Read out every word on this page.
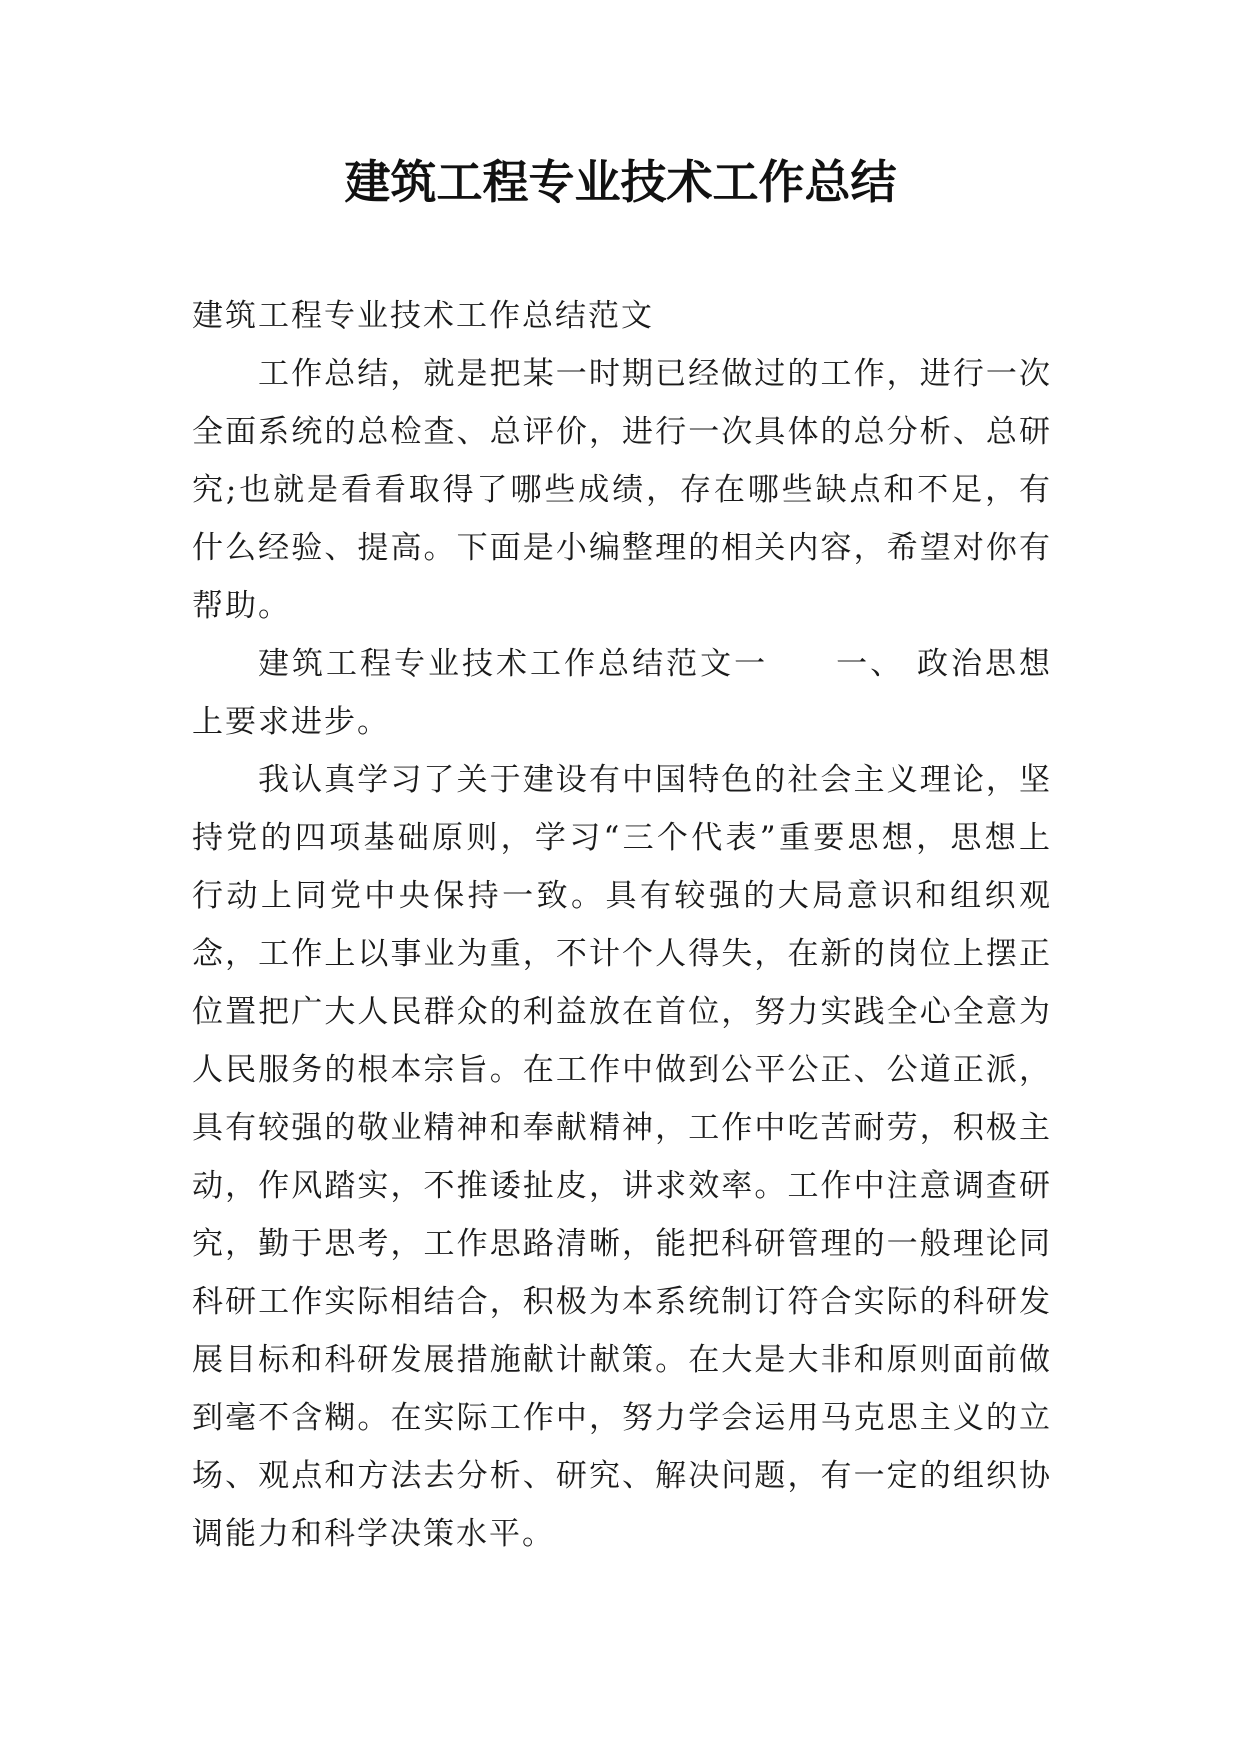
建筑工程专业技术工作总结

建筑工程专业技术工作总结范文

工作总结，就是把某一时期已经做过的工作，进行一次全面系统的总检查、总评价，进行一次具体的总分析、总研究;也就是看看取得了哪些成绩，存在哪些缺点和不足，有什么经验、提高。下面是小编整理的相关内容，希望对你有帮助。

建筑工程专业技术工作总结范文一　　一、 政治思想上要求进步。

我认真学习了关于建设有中国特色的社会主义理论，坚持党的四项基础原则，学习“三个代表”重要思想，思想上行动上同党中央保持一致。具有较强的大局意识和组织观念，工作上以事业为重，不计个人得失，在新的岗位上摆正位置把广大人民群众的利益放在首位，努力实践全心全意为人民服务的根本宗旨。在工作中做到公平公正、公道正派，具有较强的敬业精神和奉献精神，工作中吃苦耐劳，积极主动，作风踏实，不推诿扯皮，讲求效率。工作中注意调查研究，勤于思考，工作思路清晰，能把科研管理的一般理论同科研工作实际相结合，积极为本系统制订符合实际的科研发展目标和科研发展措施献计献策。在大是大非和原则面前做到毫不含糊。在实际工作中，努力学会运用马克思主义的立场、观点和方法去分析、研究、解决问题，有一定的组织协调能力和科学决策水平。
